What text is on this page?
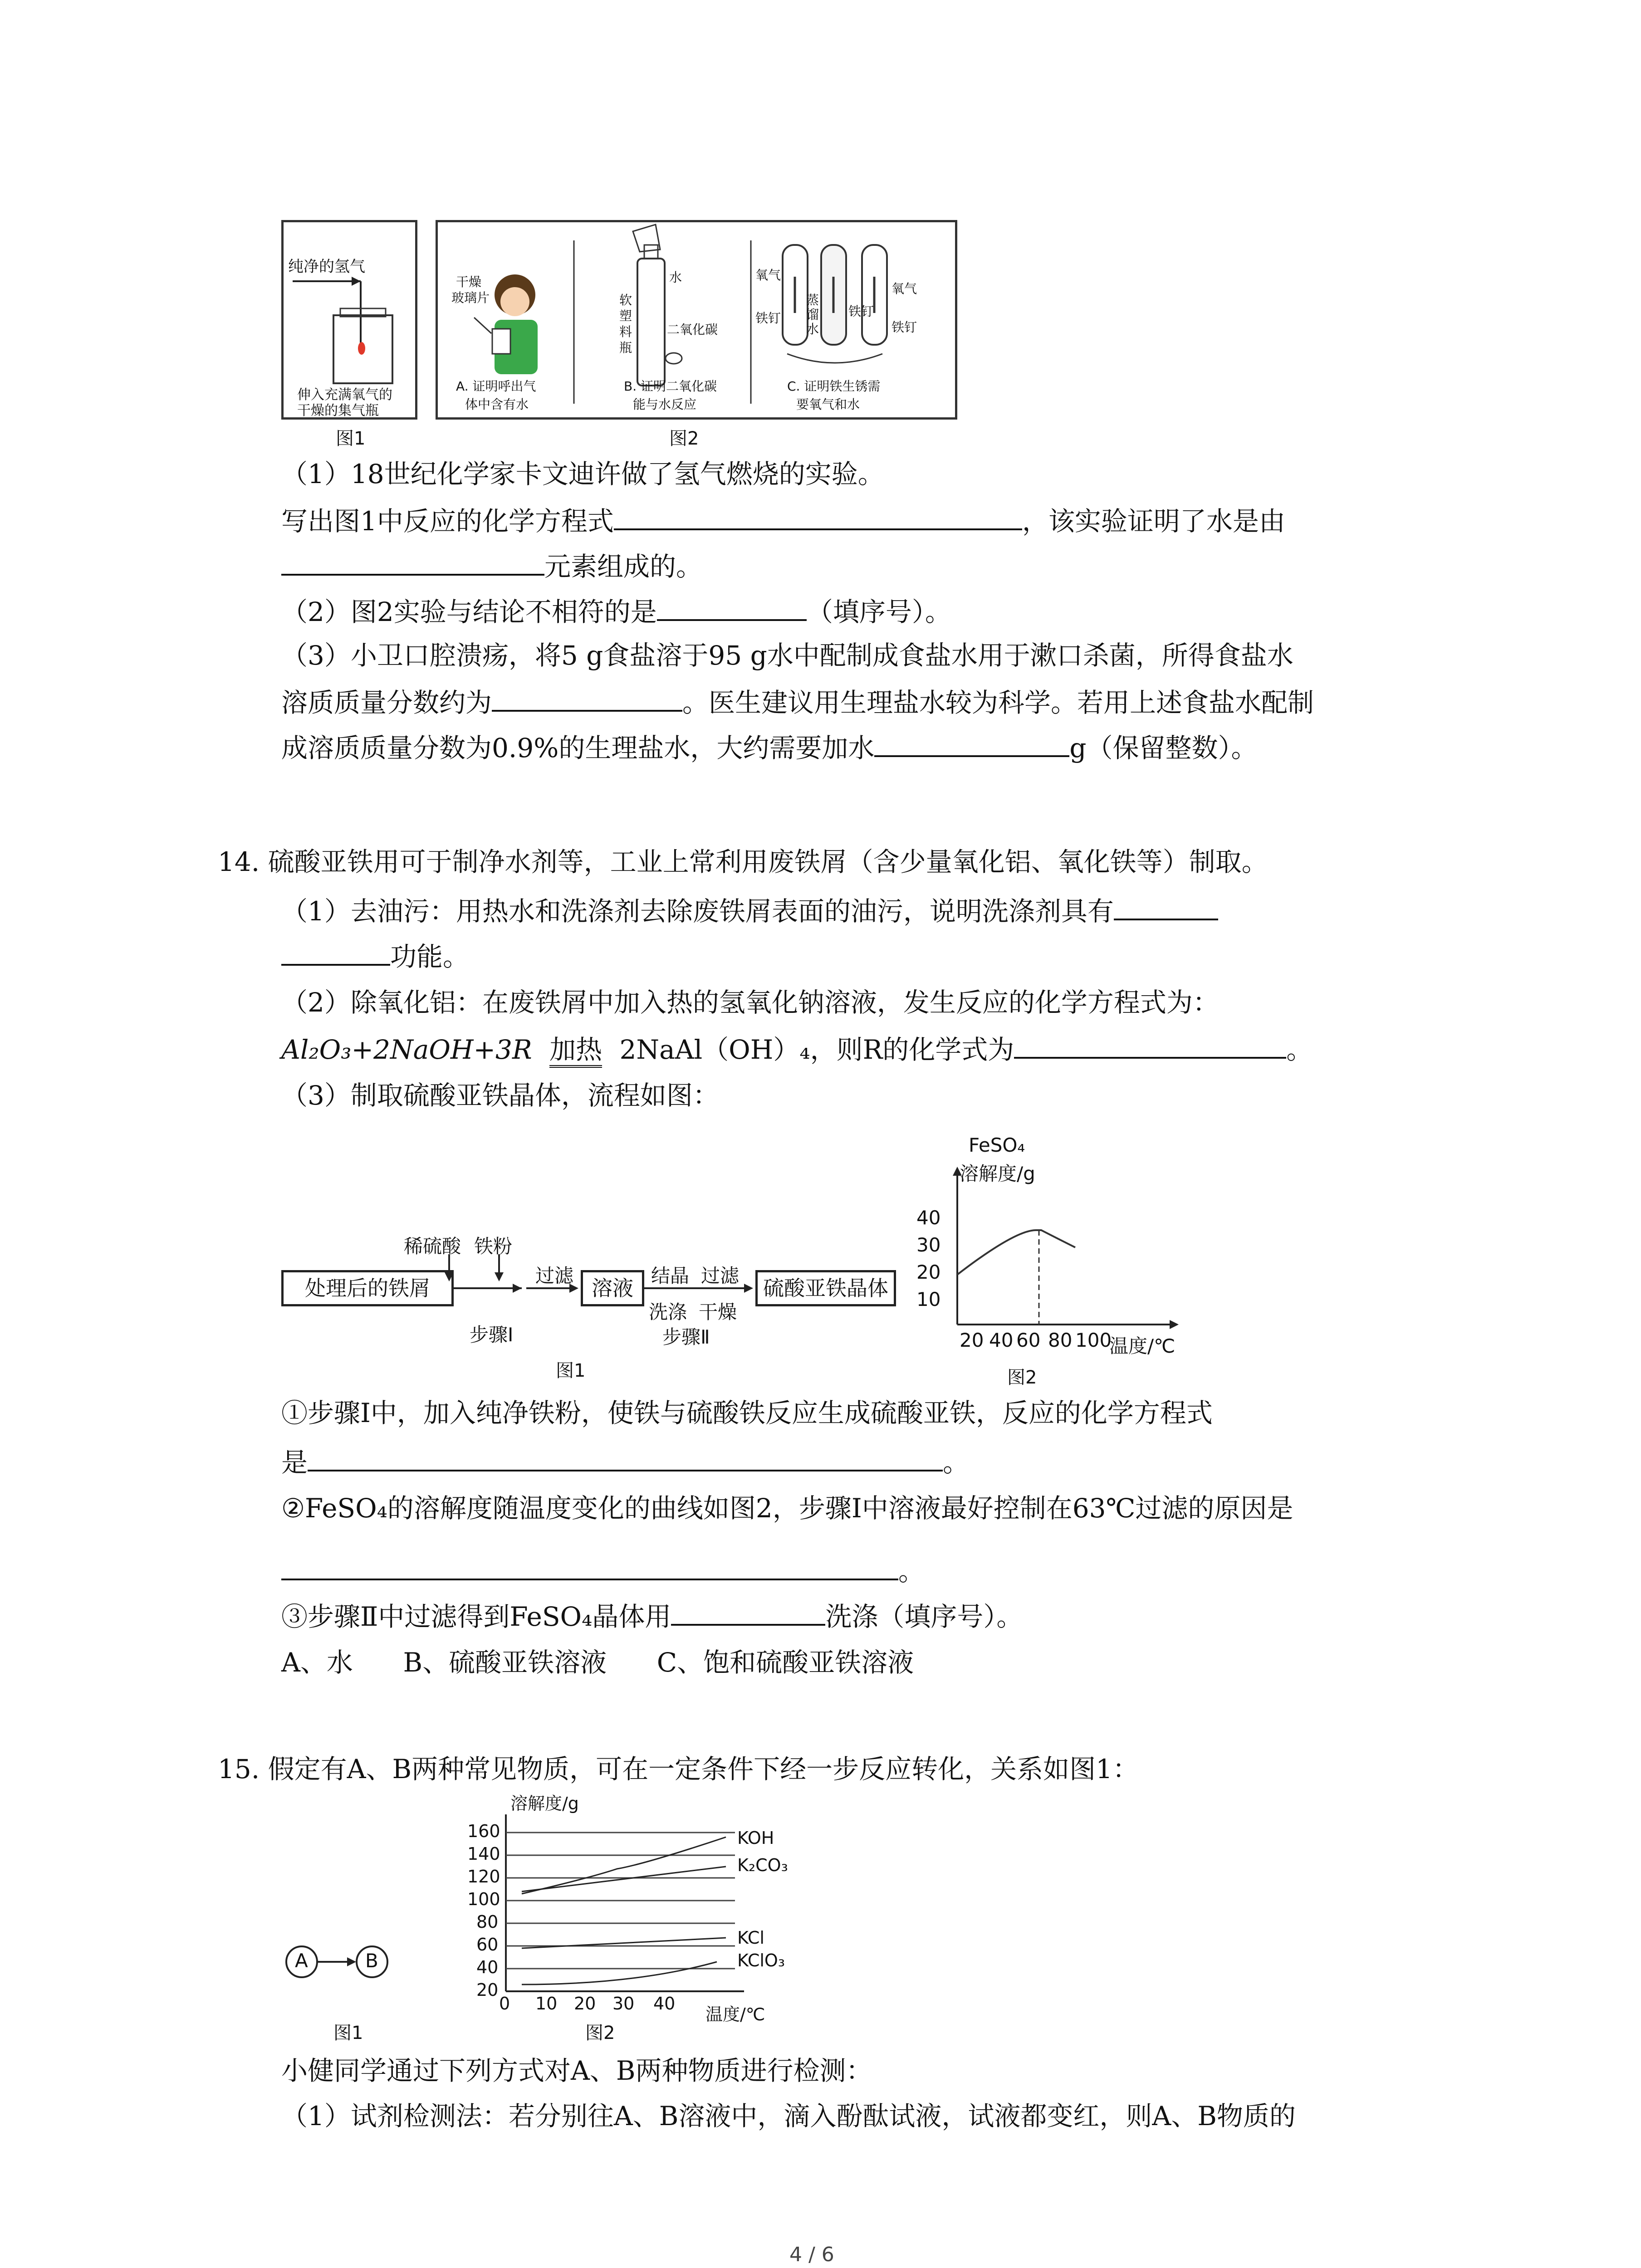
纯净的氢气
伸入充满氧气的
干燥的集气瓶
图1
干燥
玻璃片
A. 证明呼出气
体中含有水
软
塑
料
瓶
水
二氧化碳
B. 证明二氧化碳
能与水反应
氧气
铁钉
蒸
馏
水
铁钉
氧气
铁钉
C. 证明铁生锈需
要氧气和水
图2
（1）18世纪化学家卡文迪许做了氢气燃烧的实验。
写出图1中反应的化学方程式	，该实验证明了水是由
元素组成的。
（2）图2实验与结论不相符的是	（填序号）。
（3）小卫口腔溃疡，将5 g食盐溶于95 g水中配制成食盐水用于漱口杀菌，所得食盐水
溶质质量分数约为	。医生建议用生理盐水较为科学。若用上述食盐水配制
成溶质质量分数为0.9%的生理盐水，大约需要加水	g（保留整数）。
14. 硫酸亚铁用可于制净水剂等，工业上常利用废铁屑（含少量氧化铝、氧化铁等）制取。
（1）去油污：用热水和洗涤剂去除废铁屑表面的油污，说明洗涤剂具有
功能。
（2）除氧化铝：在废铁屑中加入热的氢氧化钠溶液，发生反应的化学方程式为：
Al₂O₃+2NaOH+3R 加热 2NaAl（OH）₄，则R的化学式为	。
（3）制取硫酸亚铁晶体，流程如图：
处理后的铁屑	溶液	硫酸亚铁晶体
稀硫酸 铁粉
过滤	结晶 过滤
洗涤 干燥
步骤Ⅰ	步骤Ⅱ
图1
FeSO₄
溶解度/g
40
30
20
10
20 40 60 80 100
温度/℃
图2
①步骤Ⅰ中，加入纯净铁粉，使铁与硫酸铁反应生成硫酸亚铁，反应的化学方程式
是	。
②FeSO₄的溶解度随温度变化的曲线如图2，步骤Ⅰ中溶液最好控制在63℃过滤的原因是
。
③步骤Ⅱ中过滤得到FeSO₄晶体用	洗涤（填序号）。
A、水      B、硫酸亚铁溶液      C、饱和硫酸亚铁溶液
15. 假定有A、B两种常见物质，可在一定条件下经一步反应转化，关系如图1：
A	B
图1
溶解度/g
160
140
120
100
80
60
40
20
0 10 20 30 40
温度/℃
KOH
K₂CO₃
KCl
KClO₃
图2
小健同学通过下列方式对A、B两种物质进行检测：
（1）试剂检测法：若分别往A、B溶液中，滴入酚酞试液，试液都变红，则A、B物质的
4 / 6
